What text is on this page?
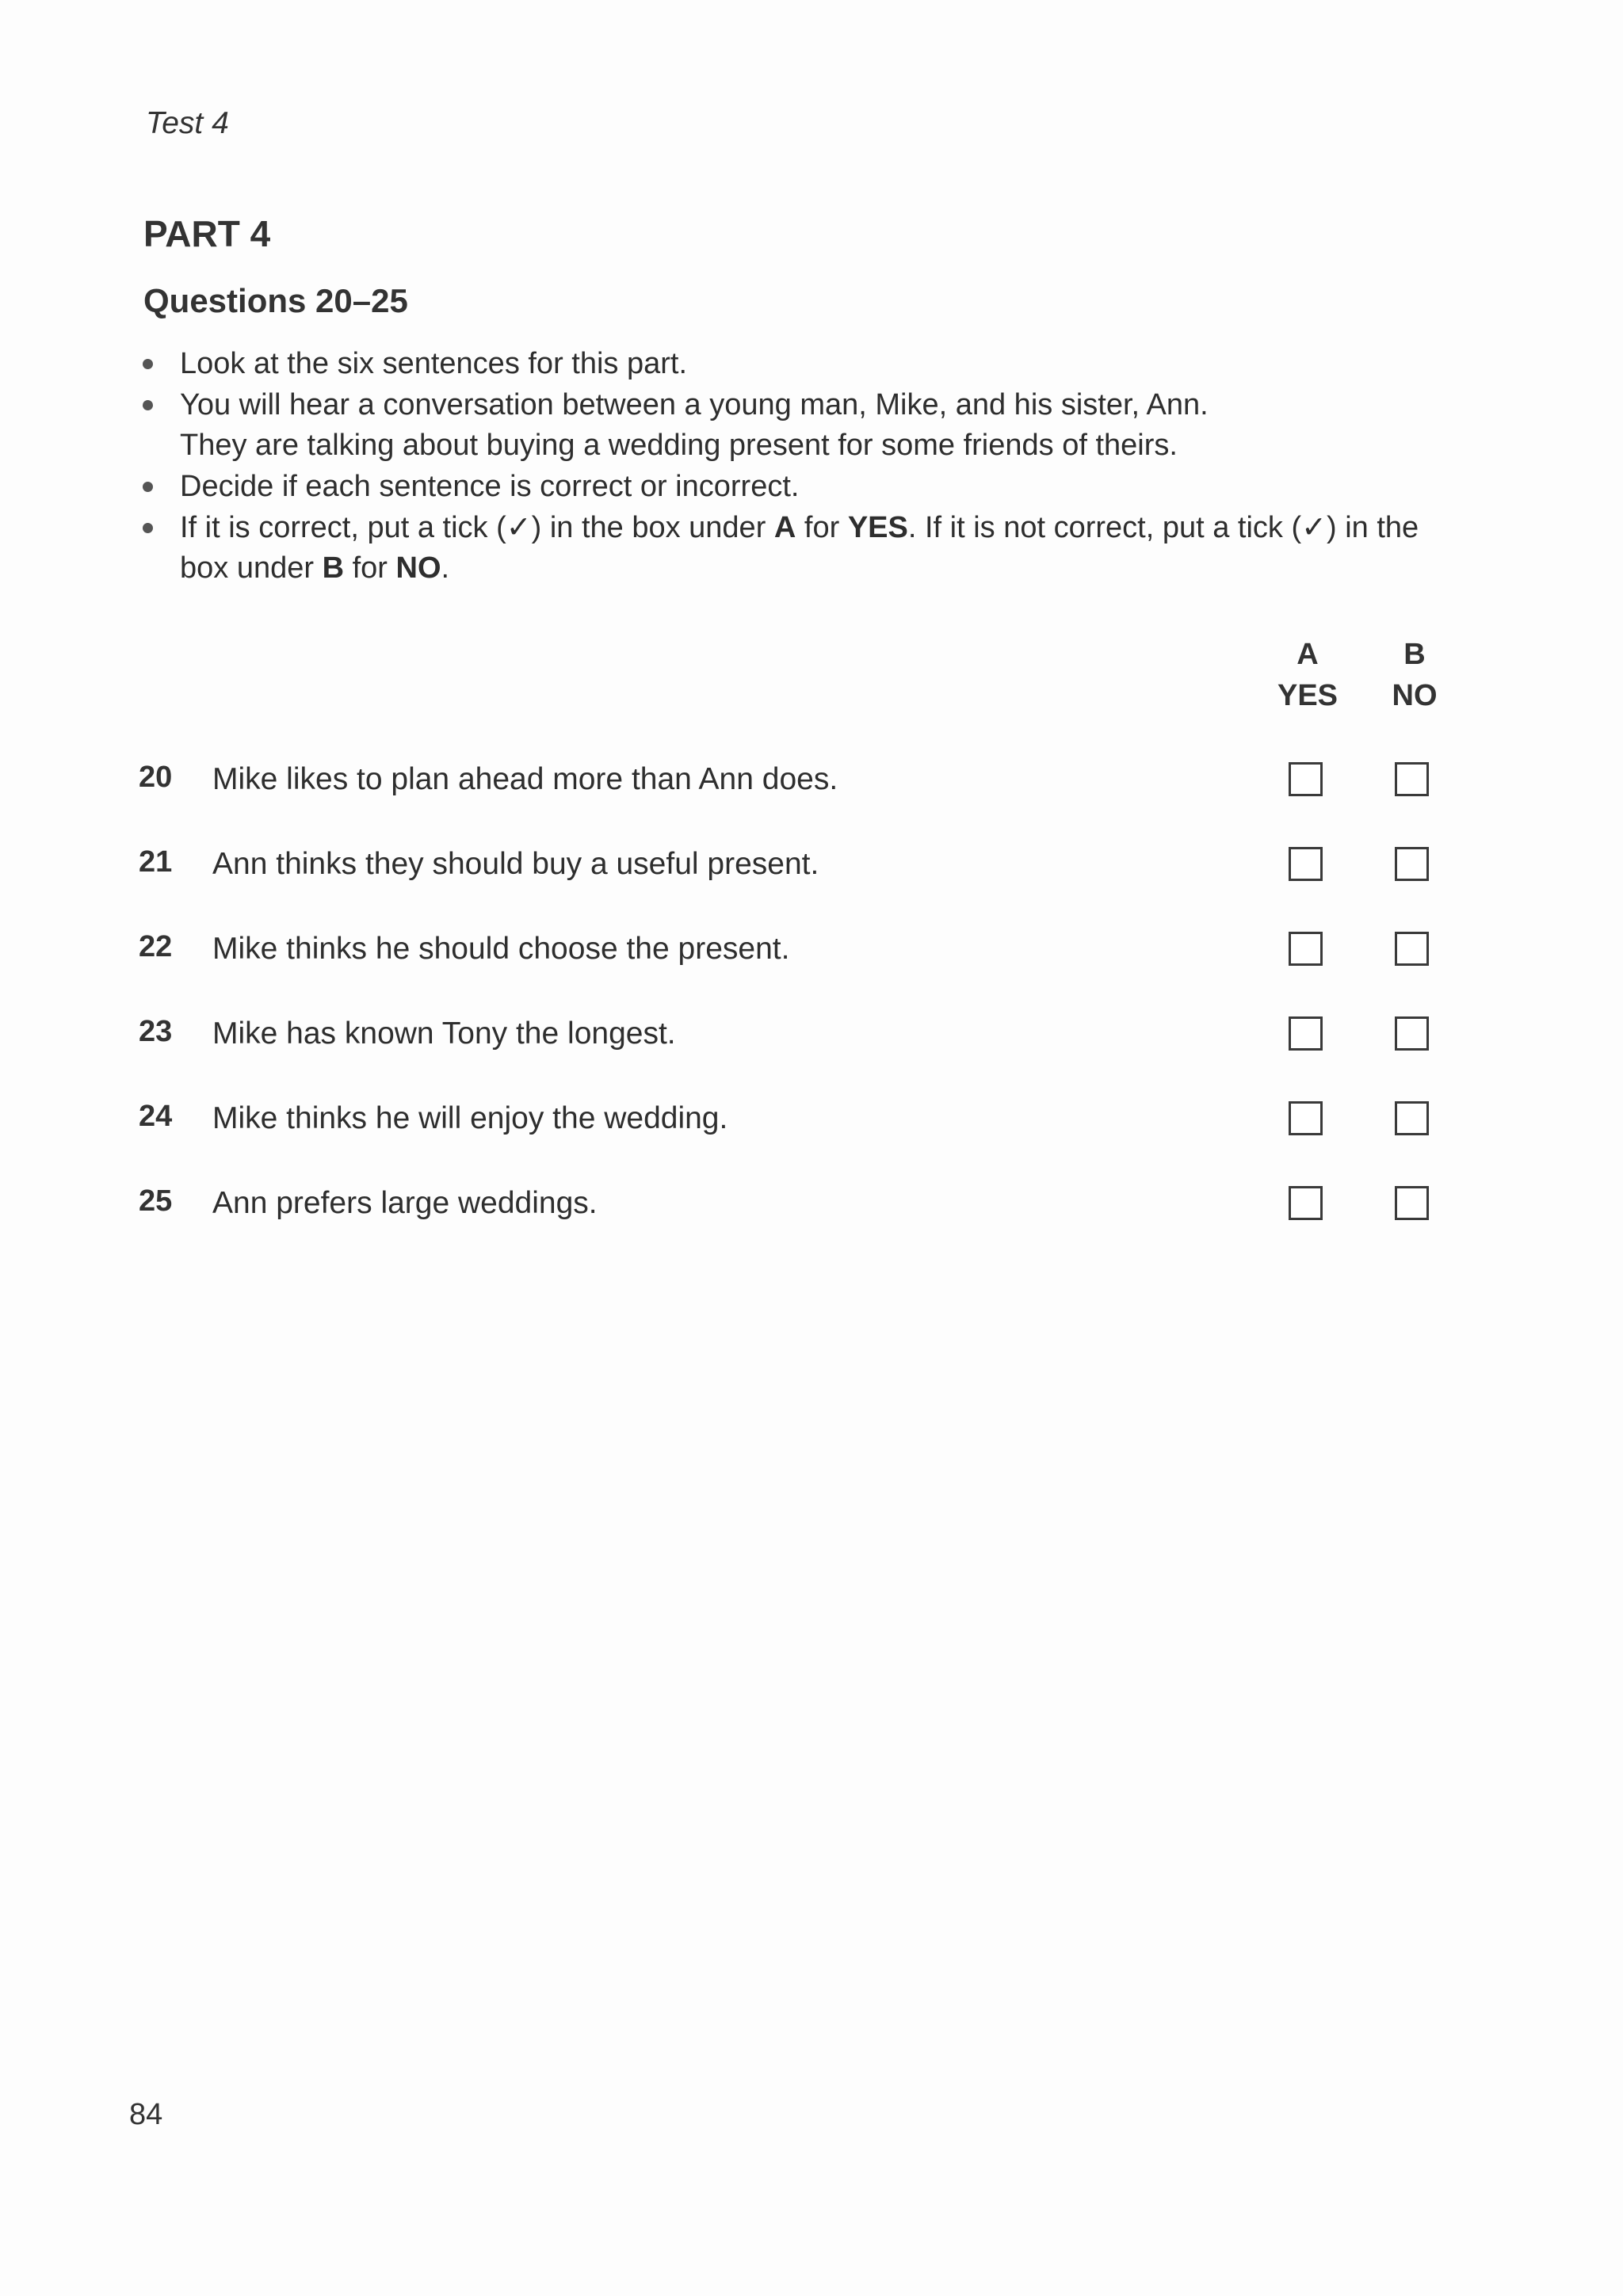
Test 4
PART 4
Questions 20–25
Look at the six sentences for this part.
You will hear a conversation between a young man, Mike, and his sister, Ann.
They are talking about buying a wedding present for some friends of theirs.
Decide if each sentence is correct or incorrect.
If it is correct, put a tick (✓) in the box under A for YES. If it is not correct, put a tick (✓) in the box under B for NO.
A
YES
B
NO
20 Mike likes to plan ahead more than Ann does.
21 Ann thinks they should buy a useful present.
22 Mike thinks he should choose the present.
23 Mike has known Tony the longest.
24 Mike thinks he will enjoy the wedding.
25 Ann prefers large weddings.
84
